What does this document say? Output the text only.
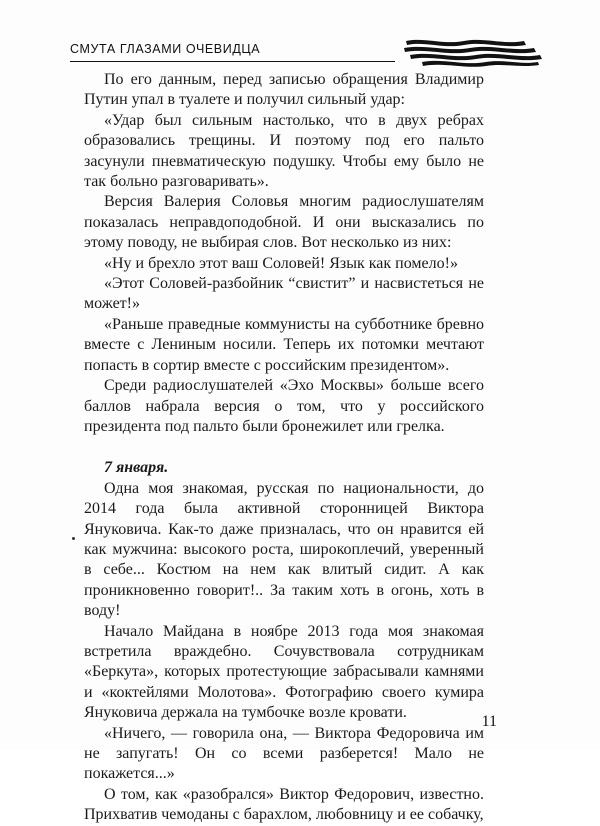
СМУТА ГЛАЗАМИ ОЧЕВИДЦА

По его данным, перед записью обращения Владимир Путин упал в туалете и получил сильный удар:

«Удар был сильным настолько, что в двух ребрах образовались трещины. И поэтому под его пальто засунули пневматическую подушку. Чтобы ему было не так больно разговаривать».

Версия Валерия Соловья многим радиослушателям показалась неправдоподобной. И они высказались по этому поводу, не выбирая слов. Вот несколько из них:

«Ну и брехло этот ваш Соловей! Язык как помело!»

«Этот Соловей-разбойник “свистит” и насвистеться не может!»

«Раньше праведные коммунисты на субботнике бревно вместе с Лениным носили. Теперь их потомки мечтают попасть в сортир вместе с российским президентом».

Среди радиослушателей «Эхо Москвы» больше всего баллов набрала версия о том, что у российского президента под пальто были бронежилет или грелка.

7 января.

Одна моя знакомая, русская по национальности, до 2014 года была активной сторонницей Виктора Януковича. Как-то даже призналась, что он нравится ей как мужчина: высокого роста, широкоплечий, уверенный в себе... Костюм на нем как влитый сидит. А как проникновенно говорит!.. За таким хоть в огонь, хоть в воду!

Начало Майдана в ноябре 2013 года моя знакомая встретила враждебно. Сочувствовала сотрудникам «Беркута», которых протестующие забрасывали камнями и «коктейлями Молотова». Фотографию своего кумира Януковича держала на тумбочке возле кровати.

«Ничего, — говорила она, — Виктора Федоровича им не запугать! Он со всеми разберется! Мало не покажется...»

О том, как «разобрался» Виктор Федорович, известно. Прихватив чемоданы с барахлом, любовницу и ее собачку,

11
